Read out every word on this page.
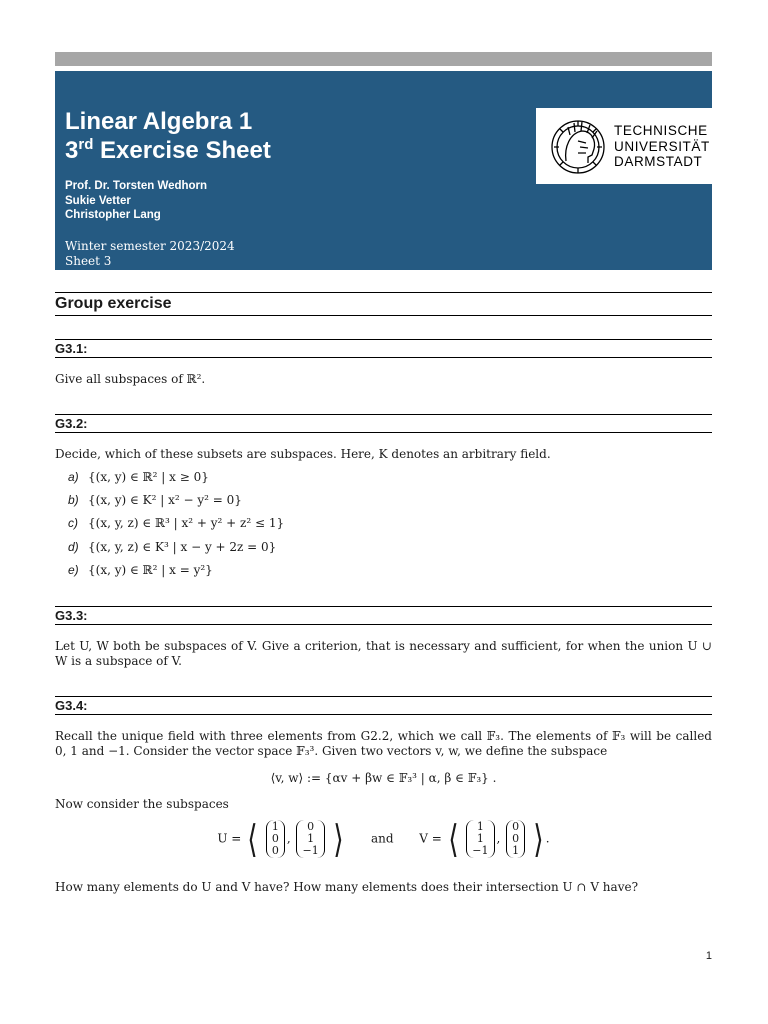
Linear Algebra 1
3rd Exercise Sheet
Prof. Dr. Torsten Wedhorn
Sukie Vetter
Christopher Lang
Winter semester 2023/2024
Sheet 3
TECHNISCHE
UNIVERSITÄT
DARMSTADT
Group exercise
G3.1:
Give all subspaces of ℝ².
G3.2:
Decide, which of these subsets are subspaces. Here, K denotes an arbitrary field.
a) {(x, y) ∈ ℝ² | x ≥ 0}
b) {(x, y) ∈ K² | x² − y² = 0}
c) {(x, y, z) ∈ ℝ³ | x² + y² + z² ≤ 1}
d) {(x, y, z) ∈ K³ | x − y + 2z = 0}
e) {(x, y) ∈ ℝ² | x = y²}
G3.3:
Let U, W both be subspaces of V. Give a criterion, that is necessary and sufficient, for when the union U ∪ W is a subspace of V.
G3.4:
Recall the unique field with three elements from G2.2, which we call 𝔽₃. The elements of 𝔽₃ will be called 0, 1 and −1. Consider the vector space 𝔽₃³. Given two vectors v, w, we define the subspace
⟨v, w⟩ := {αv + βw ∈ 𝔽₃³ | α, β ∈ 𝔽₃} .
Now consider the subspaces
U = ⟨ 1
0
0, 0
1
−1 ⟩ and V = ⟨ 1
1
−1, 0
0
1 ⟩ .
How many elements do U and V have? How many elements does their intersection U ∩ V have?
1
